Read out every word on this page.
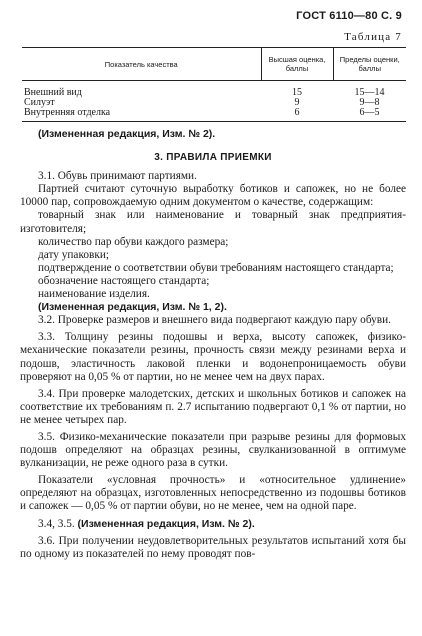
ГОСТ 6110—80 С. 9
Таблица 7
Показатель качества	Высшая оценка, баллы	Пределы оценки, баллы
Внешний вид	15	15—14
Силуэт	9	9—8
Внутренняя отделка	6	6—5

(Измененная редакция, Изм. № 2).

3. ПРАВИЛА ПРИЕМКИ

3.1. Обувь принимают партиями.

Партией считают суточную выработку ботиков и сапожек, но не более 10000 пар, сопровождаемую одним документом о качестве, содержащим:

товарный знак или наименование и товарный знак предприятия-изготовителя;

количество пар обуви каждого размера;

дату упаковки;

подтверждение о соответствии обуви требованиям настоящего стандарта;

обозначение настоящего стандарта;

наименование изделия.

(Измененная редакция, Изм. № 1, 2).

3.2. Проверке размеров и внешнего вида подвергают каждую пару обуви.

3.3. Толщину резины подошвы и верха, высоту сапожек, физико-механические показатели резины, прочность связи между резинами верха и подошв, эластичность лаковой пленки и водонепроницаемость обуви проверяют на 0,05 % от партии, но не менее чем на двух парах.

3.4. При проверке малодетских, детских и школьных ботиков и сапожек на соответствие их требованиям п. 2.7 испытанию подвергают 0,1 % от партии, но не менее четырех пар.

3.5. Физико-механические показатели при разрыве резины для формовых подошв определяют на образцах резины, свулканизованной в оптимуме вулканизации, не реже одного раза в сутки.

Показатели «условная прочность» и «относительное удлинение» определяют на образцах, изготовленных непосредственно из подошвы ботиков и сапожек — 0,05 % от партии обуви, но не менее, чем на одной паре.

3.4, 3.5. (Измененная редакция, Изм. № 2).

3.6. При получении неудовлетворительных результатов испытаний хотя бы по одному из показателей по нему проводят пов-
